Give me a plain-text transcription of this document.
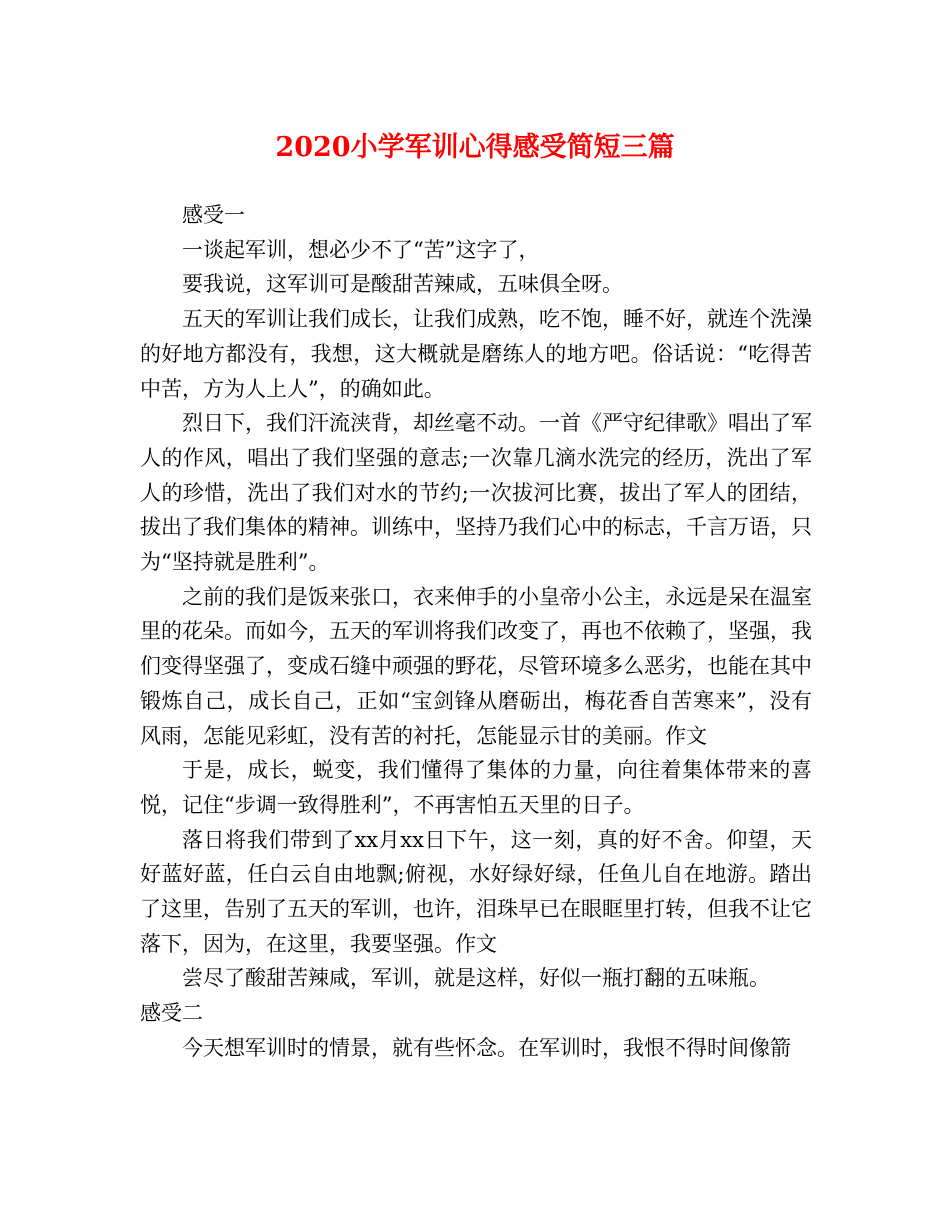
2020小学军训心得感受简短三篇

感受一

一谈起军训，想必少不了“苦”这字了，

要我说，这军训可是酸甜苦辣咸，五味俱全呀。

五天的军训让我们成长，让我们成熟，吃不饱，睡不好，就连个洗澡的好地方都没有，我想，这大概就是磨练人的地方吧。俗话说：“吃得苦中苦，方为人上人”，的确如此。

烈日下，我们汗流浃背，却丝毫不动。一首《严守纪律歌》唱出了军人的作风，唱出了我们坚强的意志;一次靠几滴水洗完的经历，洗出了军人的珍惜，洗出了我们对水的节约;一次拔河比赛，拔出了军人的团结，拔出了我们集体的精神。训练中，坚持乃我们心中的标志，千言万语，只为“坚持就是胜利”。

之前的我们是饭来张口，衣来伸手的小皇帝小公主，永远是呆在温室里的花朵。而如今，五天的军训将我们改变了，再也不依赖了，坚强，我们变得坚强了，变成石缝中顽强的野花，尽管环境多么恶劣，也能在其中锻炼自己，成长自己，正如“宝剑锋从磨砺出，梅花香自苦寒来”，没有风雨，怎能见彩虹，没有苦的衬托，怎能显示甘的美丽。作文

于是，成长，蜕变，我们懂得了集体的力量，向往着集体带来的喜悦，记住“步调一致得胜利”，不再害怕五天里的日子。

落日将我们带到了xx月xx日下午，这一刻，真的好不舍。仰望，天好蓝好蓝，任白云自由地飘;俯视，水好绿好绿，任鱼儿自在地游。踏出了这里，告别了五天的军训，也许，泪珠早已在眼眶里打转，但我不让它落下，因为，在这里，我要坚强。作文

尝尽了酸甜苦辣咸，军训，就是这样，好似一瓶打翻的五味瓶。

感受二

今天想军训时的情景，就有些怀念。在军训时，我恨不得时间像箭
